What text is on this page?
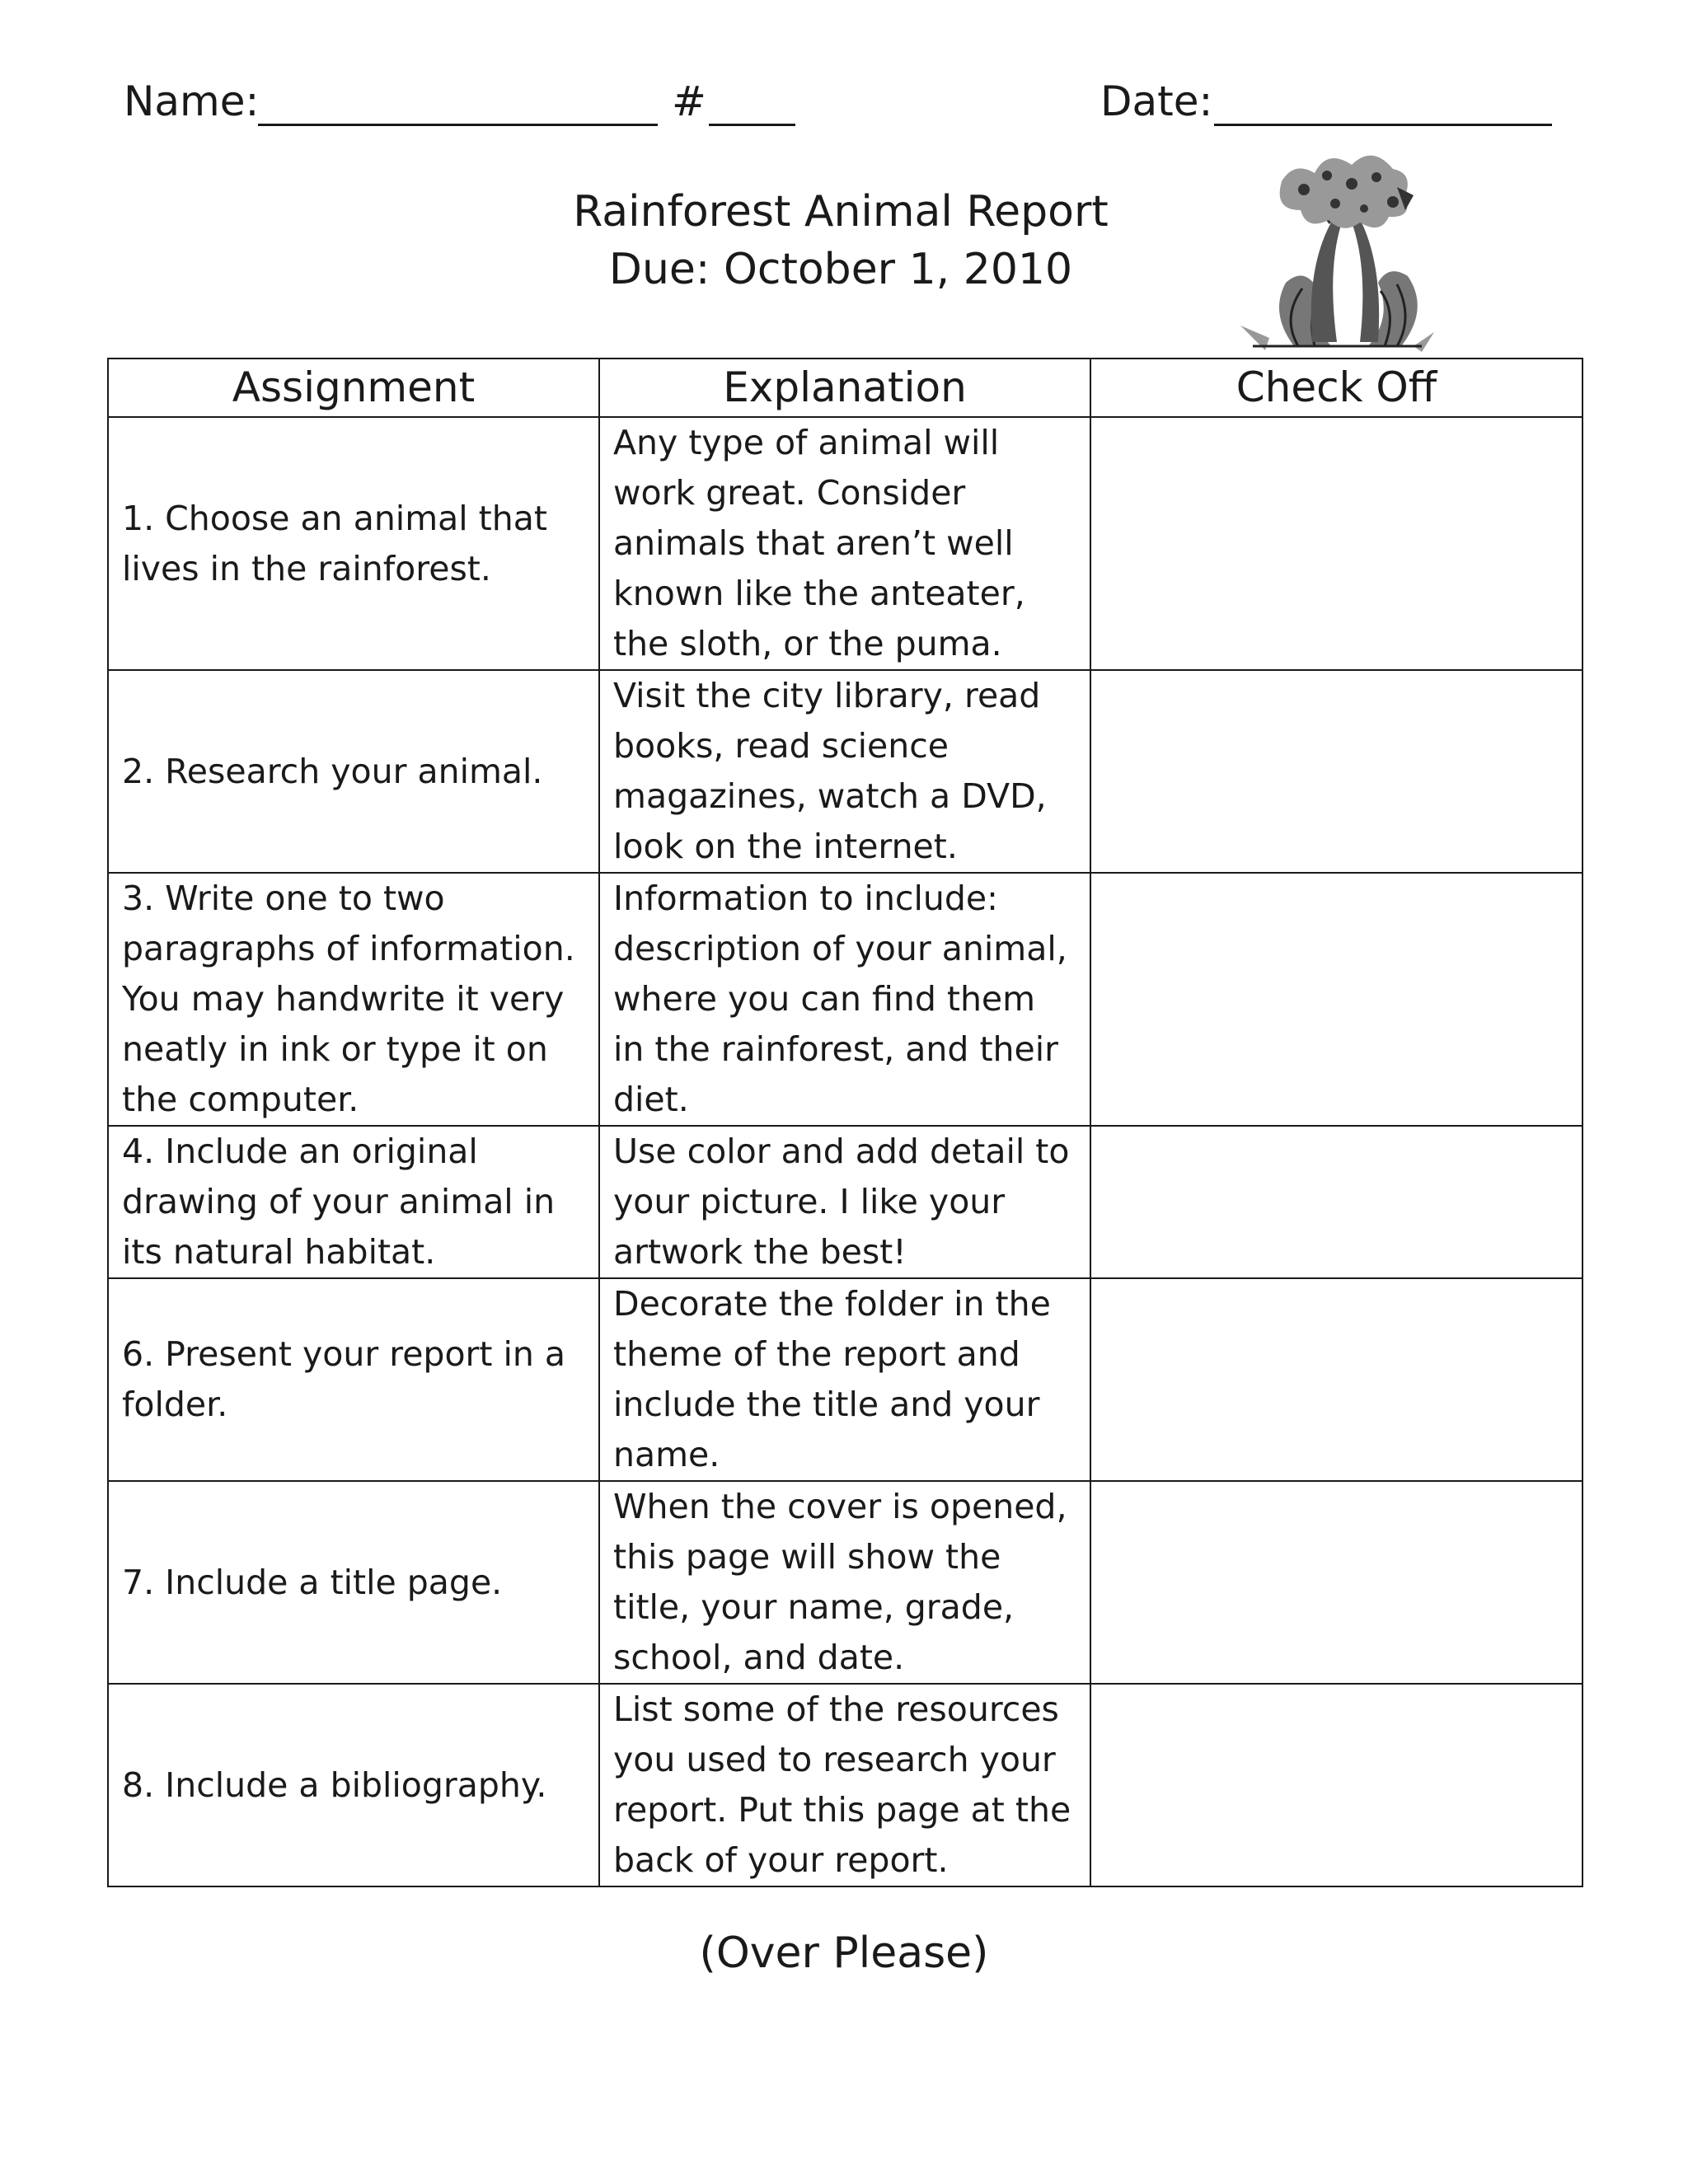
Name:	#	Date:
Rainforest Animal Report
Due: October 1, 2010
Assignment	Explanation	Check Off
1. Choose an animal that lives in the rainforest.	Any type of animal will work great. Consider animals that aren’t well known like the anteater, the sloth, or the puma.	
2. Research your animal.	Visit the city library, read books, read science magazines, watch a DVD, look on the internet.	
3. Write one to two paragraphs of information. You may handwrite it very neatly in ink or type it on the computer.	Information to include: description of your animal, where you can find them in the rainforest, and their diet.	
4. Include an original drawing of your animal in its natural habitat.	Use color and add detail to your picture. I like your artwork the best!	
6. Present your report in a folder.	Decorate the folder in the theme of the report and include the title and your name.	
7. Include a title page.	When the cover is opened, this page will show the title, your name, grade, school, and date.	
8. Include a bibliography.	List some of the resources you used to research your report. Put this page at the back of your report.	
(Over Please)
